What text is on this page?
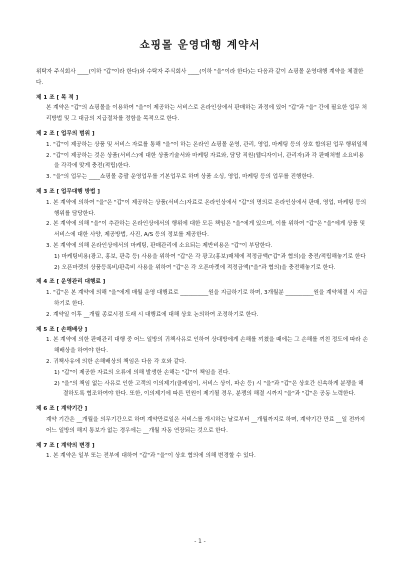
쇼핑몰 운영대행 계약서

위탁자 주식회사 ____(이하 "갑"이라 한다)와 수탁자 주식회사 ____(이하 "을"이라 한다)는 다음과 같이 쇼핑몰 운영대행 계약을 체결한다.

제 1 조 [ 목 적 ]

본 계약은 "갑"의 쇼핑몰을 이용하여 "을"이 제공하는 서비스로 온라인상에서 판매하는 과정에 있어 "갑"과 "을" 간에 필요한 업무 처리방법 및 그 대금의 지급절차를 정함을 목적으로 한다.

제 2 조 [ 업무의 범위 ]

1. "갑"이 제공하는 상품 및 서비스 자료를 통해 "을"이 하는 온라인 쇼핑몰 운영, 관리, 영업, 마케팅 등의 상호 합의된 업무 행위일체

2. "갑"이 제공하는 것은 상품(서비스)에 대한 상품기술서와 마케팅 자료와, 담당 직원(웹디자이너, 관리자)과 각 판매처별 소요비용을 각각에 맞게 충전(적립)한다.

3. "을"의 업무는 ____쇼핑몰 총괄 운영업무를 기본업무로 하며 상품 소싱, 영업, 마케팅 등의 업무를 진행한다.

제 3 조 [ 업무대행 방법 ]

1. 본 계약에 의하여 "을"은 "갑"이 제공하는 상품(서비스)자료로 온라인상에서 "갑"의 명의로 온라인상에서 판매, 영업, 마케팅 등의 행위를 담당한다.

2. 본 계약에 의해 "을"이 추관하는 온라인상에서의 행위에 대한 모든 책임은 "을"에게 있으며, 이를 위하여 "갑"은 "을"에게 상품 및 서비스에 대한 사양, 제공방법, 사진, A/S 등의 정보를 제공한다.

3. 본 계약에 의해 온라인상에서의 마케팅, 판매관리에 소요되는 제반비용은 "갑"이 부담한다.

1) 마케팅비용(광고, 홍보, 판촉 등) 사용을 위하여 "갑"은 각 광고(홍보)매체에 적정금액("갑"과 협의)을 충전/적립해놓기로 한다

2) 오픈마켓의 상품등록비/판촉비 사용을 위하여 "갑"은 각 오픈마켓에 적정금액("을"과 협의)을 충전해놓기로 한다.

제 4 조 [ 운영관리 대행료 ]

1. "갑"은 본 계약에 의해 "을"에게 매월 운영 대행료로 __________원을 지급하기로 하며, 3개월분 __________원을 계약체결 시 지급하기로 한다.

2. 계약일 이후 __개월 종료시점 도래 시 대행료에 대해 상호 논의하여 조정하기로 한다.

제 5 조 [ 손해배상 ]

1. 본 계약에 의한 판매관리 대행 중 어느 일방의 귀책사유로 인하여 상대방에게 손해를 끼쳤을 때에는 그 손해를 끼친 정도에 따라 손해배상을 하여야 한다.

2. 귀책사유에 의한 손해배상의 책임은 다음 각 호와 같다.

1) "갑"이 제공한 자료의 오류에 의해 발생한 손해는 "갑"이 책임을 진다.

2) "을"의 책임 없는 사유로 인한 고객의 이의제기(클레임이, 서비스 상이, 파손 등) 시 "을"과 "갑"은 상호간 신속하게 분쟁을 해결하도록 협조하여야 한다. 또한, 이의제기에 따른 민원이 제기될 경우, 분쟁의 해결 시까지 "을"과 "갑"은 공동 노력한다.

제 6 조 [ 계약기간 ]

계약 기간은 __개월을 의무기간으로 하며 계약만료일은 서비스를 개시하는 날로부터 __개월까지로 하며, 계약기간 만료 __일 전까지 어느 일방의 해지 통보가 없는 경우에는 __개월 자동 연장되는 것으로 한다.

제 7 조 [ 계약의 변경 ]

1. 본 계약은 일부 또는 전부에 대하여 "갑"과 "을"이 상호 협의에 의해 변경할 수 있다.

- 1 -
